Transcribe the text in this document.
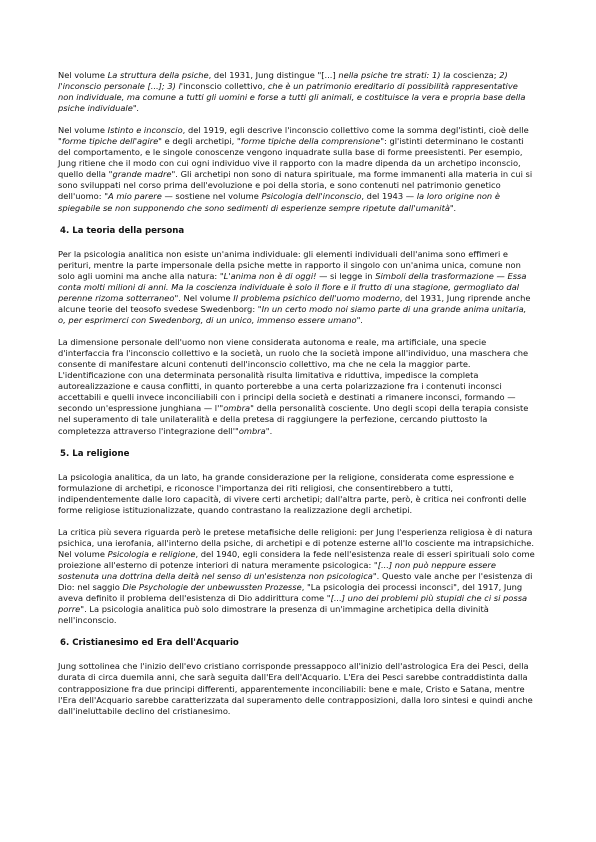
Nel volume La struttura della psiche, del 1931, Jung distingue "[...] nella psiche tre strati: 1) la coscienza; 2) l'inconscio personale [...]; 3) l'inconscio collettivo, che è un patrimonio ereditario di possibilità rappresentative non individuale, ma comune a tutti gli uomini e forse a tutti gli animali, e costituisce la vera e propria base della psiche individuale".

Nel volume Istinto e inconscio, del 1919, egli descrive l'inconscio collettivo come la somma degl'istinti, cioè delle "forme tipiche dell'agire" e degli archetipi, "forme tipiche della comprensione": gl'istinti determinano le costanti del comportamento, e le singole conoscenze vengono inquadrate sulla base di forme preesistenti. Per esempio, Jung ritiene che il modo con cui ogni individuo vive il rapporto con la madre dipenda da un archetipo inconscio, quello della "grande madre". Gli archetipi non sono di natura spirituale, ma forme immanenti alla materia in cui si sono sviluppati nel corso prima dell'evoluzione e poi della storia, e sono contenuti nel patrimonio genetico dell'uomo: "A mio parere — sostiene nel volume Psicologia dell'inconscio, del 1943 — la loro origine non è spiegabile se non supponendo che sono sedimenti di esperienze sempre ripetute dall'umanità".

4. La teoria della persona

Per la psicologia analitica non esiste un'anima individuale: gli elementi individuali dell'anima sono effimeri e periturі, mentre la parte impersonale della psiche mette in rapporto il singolo con un'anima unica, comune non solo agli uomini ma anche alla natura: "L'anima non è di oggi! — si legge in Simboli della trasformazione — Essa conta molti milioni di anni. Ma la coscienza individuale è solo il fiore e il frutto di una stagione, germogliato dal perenne rizoma sotterraneo". Nel volume Il problema psichico dell'uomo moderno, del 1931, Jung riprende anche alcune teorie del teosofo svedese Swedenborg: "In un certo modo noi siamo parte di una grande anima unitaria, o, per esprimerci con Swedenborg, di un unico, immenso essere umano".

La dimensione personale dell'uomo non viene considerata autonoma e reale, ma artificiale, una specie d'interfaccia fra l'inconscio collettivo e la società, un ruolo che la società impone all'individuo, una maschera che consente di manifestare alcuni contenuti dell'inconscio collettivo, ma che ne cela la maggior parte. L'identificazione con una determinata personalità risulta limitativa e riduttiva, impedisce la completa autorealizzazione e causa conflitti, in quanto porterebbe a una certa polarizzazione fra i contenuti inconsci accettabili e quelli invece inconciliabili con i principi della società e destinati a rimanere inconsci, formando — secondo un'espressione junghiana — l'"ombra" della personalità cosciente. Uno degli scopi della terapia consiste nel superamento di tale unilateralità e della pretesa di raggiungere la perfezione, cercando piuttosto la completezza attraverso l'integrazione dell'"ombra".

5. La religione

La psicologia analitica, da un lato, ha grande considerazione per la religione, considerata come espressione e formulazione di archetipi, e riconosce l'importanza dei riti religiosi, che consentirebbero a tutti, indipendentemente dalle loro capacità, di vivere certi archetipi; dall'altra parte, però, è critica nei confronti delle forme religiose istituzionalizzate, quando contrastano la realizzazione degli archetipi.

La critica più severa riguarda però le pretese metafisiche delle religioni: per Jung l'esperienza religiosa è di natura psichica, una ierofania, all'interno della psiche, di archetipi e di potenze esterne all'Io cosciente ma intrapsichiche. Nel volume Psicologia e religione, del 1940, egli considera la fede nell'esistenza reale di esseri spirituali solo come proiezione all'esterno di potenze interiori di natura meramente psicologica: "[...] non può neppure essere sostenuta una dottrina della deità nel senso di un'esistenza non psicologica". Questo vale anche per l'esistenza di Dio: nel saggio Die Psychologie der unbewussten Prozesse, "La psicologia dei processi inconsci", del 1917, Jung aveva definito il problema dell'esistenza di Dio addirittura come "[...] uno dei problemi più stupidi che ci si possa porre". La psicologia analitica può solo dimostrare la presenza di un'immagine archetipica della divinità nell'inconscio.

6. Cristianesimo ed Era dell'Acquario

Jung sottolinea che l'inizio dell'evo cristiano corrisponde pressappoco all'inizio dell'astrologica Era dei Pesci, della durata di circa duemila anni, che sarà seguita dall'Era dell'Acquario. L'Era dei Pesci sarebbe contraddistinta dalla contrapposizione fra due principi differenti, apparentemente inconciliabili: bene e male, Cristo e Satana, mentre l'Era dell'Acquario sarebbe caratterizzata dal superamento delle contrapposizioni, dalla loro sintesi e quindi anche dall'ineluttabile declino del cristianesimo.
